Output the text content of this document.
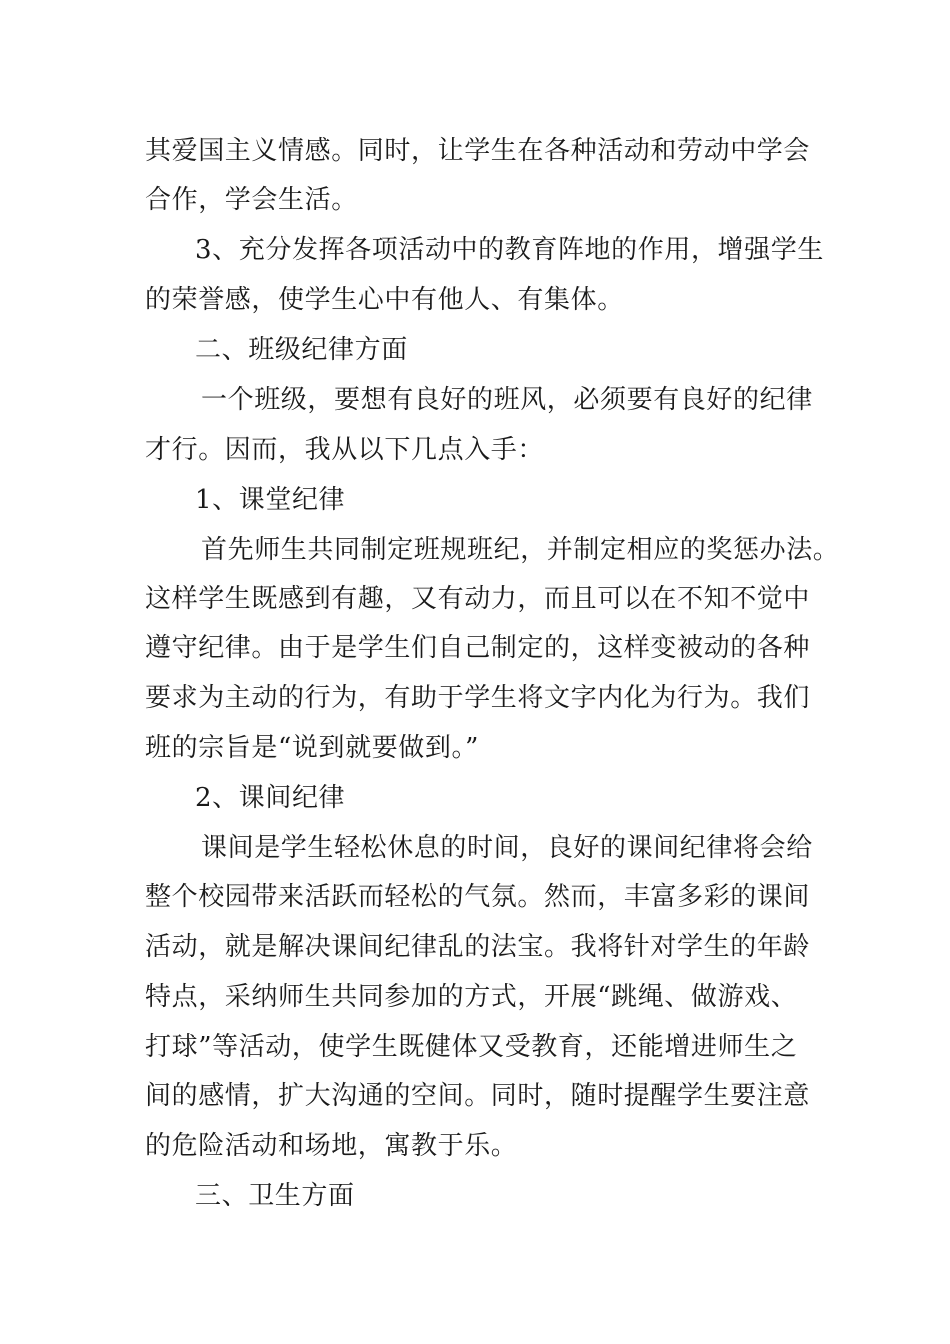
其爱国主义情感。同时，让学生在各种活动和劳动中学会
合作，学会生活。
3、充分发挥各项活动中的教育阵地的作用，增强学生
的荣誉感，使学生心中有他人、有集体。
二、班级纪律方面
一个班级，要想有良好的班风，必须要有良好的纪律
才行。因而，我从以下几点入手：
1、课堂纪律
首先师生共同制定班规班纪，并制定相应的奖惩办法。
这样学生既感到有趣，又有动力，而且可以在不知不觉中
遵守纪律。由于是学生们自己制定的，这样变被动的各种
要求为主动的行为，有助于学生将文字内化为行为。我们
班的宗旨是“说到就要做到。”
2、课间纪律
课间是学生轻松休息的时间，良好的课间纪律将会给
整个校园带来活跃而轻松的气氛。然而，丰富多彩的课间
活动，就是解决课间纪律乱的法宝。我将针对学生的年龄
特点，采纳师生共同参加的方式，开展“跳绳、做游戏、
打球”等活动，使学生既健体又受教育，还能增进师生之
间的感情，扩大沟通的空间。同时，随时提醒学生要注意
的危险活动和场地，寓教于乐。
三、卫生方面
